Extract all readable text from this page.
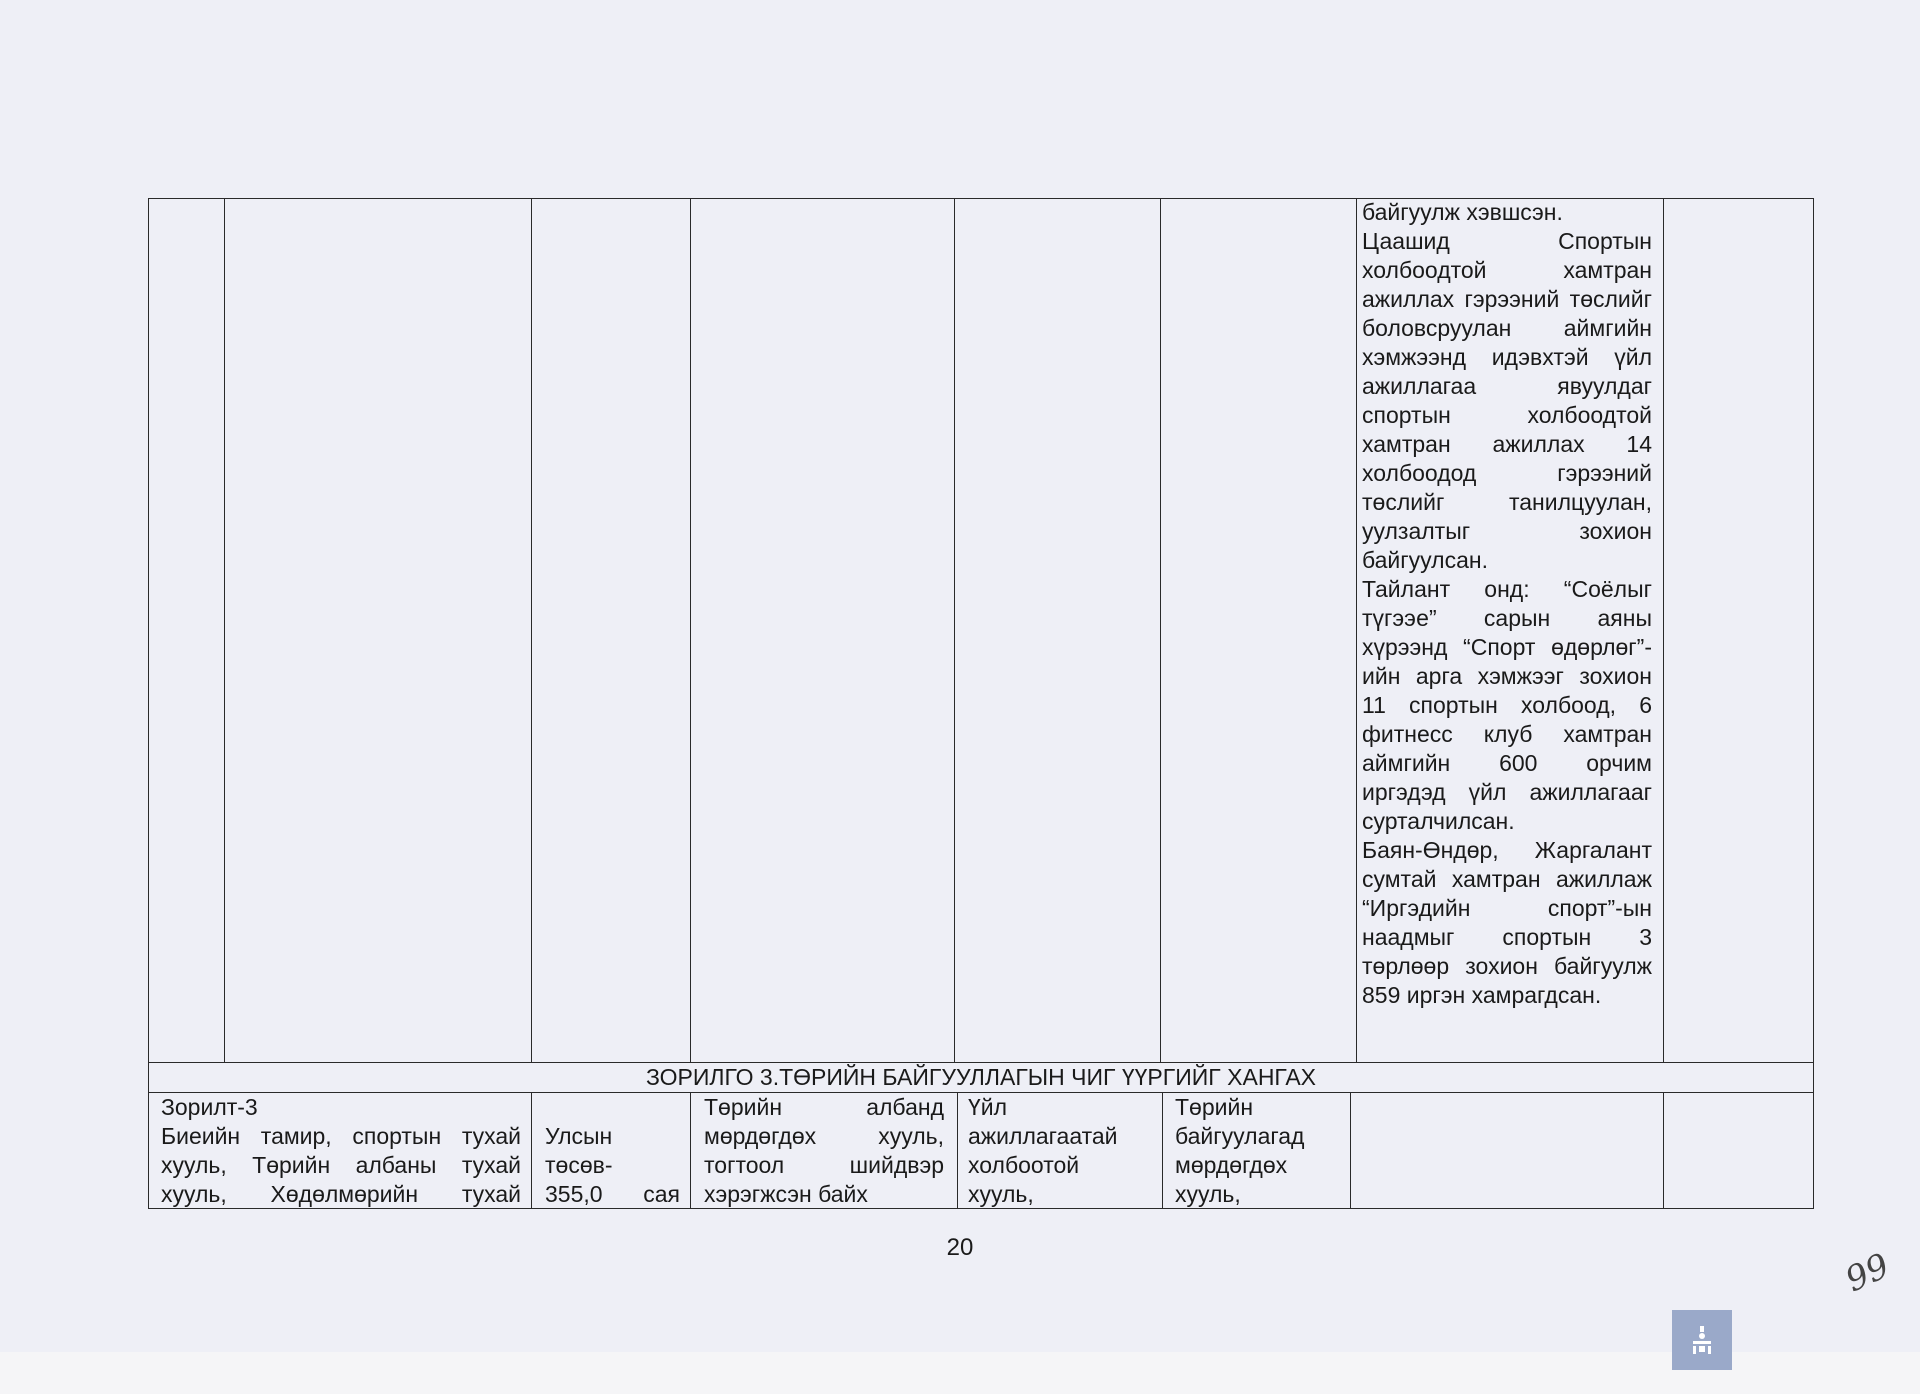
байгуулж хэвшсэн.

Цаашид Спортын холбоодтой хамтран ажиллах гэрээний төслийг боловсруулан аймгийн хэмжээнд идэвхтэй үйл ажиллагаа явуулдаг спортын холбоодтой хамтран ажиллах 14 холбоодод гэрээний төслийг танилцуулан, уулзалтыг зохион байгуулсан.

Тайлант онд: “Соёлыг түгээе” сарын аяны хүрээнд “Спорт өдөрлөг”-ийн арга хэмжээг зохион 11 спортын холбоод, 6 фитнесс клуб хамтран аймгийн 600 орчим иргэдэд үйл ажиллагааг сурталчилсан.

Баян-Өндөр, Жаргалант сумтай хамтран ажиллаж “Иргэдийн спорт”-ын наадмыг спортын 3 төрлөөр зохион байгуулж 859 иргэн хамрагдсан.

ЗОРИЛГО 3.ТӨРИЙН БАЙГУУЛЛАГЫН ЧИГ ҮҮРГИЙГ ХАНГАХ

Зорилт-3

Биеийн тамир, спортын тухай

хууль, Төрийн албаны тухай

хууль, Хөдөлмөрийн тухай

Улсын

төсөв-

355,0 сая

Төрийн албанд

мөрдөгдөх хууль,

тогтоол шийдвэр

хэрэгжсэн байх

Үйл

ажиллагаатай

холбоотой

хууль,

Төрийн

байгуулагад

мөрдөгдөх

хууль,

20	99
